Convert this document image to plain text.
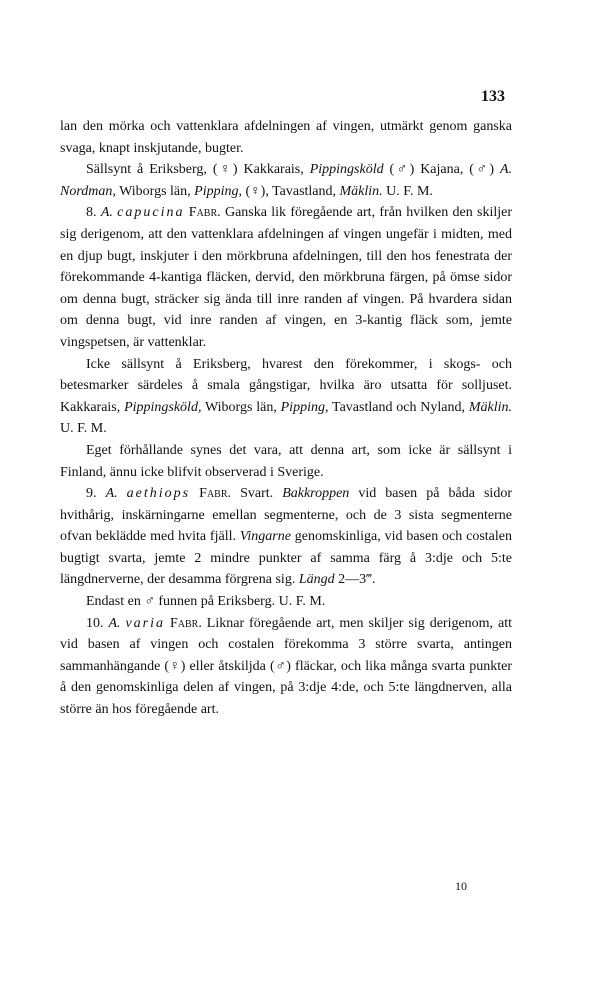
133

lan den mörka och vattenklara afdelningen af vingen, utmärkt genom ganska svaga, knapt inskjutande, bugter.

Sällsynt å Eriksberg, (♀) Kakkarais, Pippingsköld (♂) Kajana, (♂) A. Nordman, Wiborgs län, Pipping, (♀), Tavastland, Mäklin. U. F. M.

8. A. capucina Fabr. Ganska lik föregående art, från hvilken den skiljer sig derigenom, att den vattenklara afdelningen af vingen ungefär i midten, med en djup bugt, inskjuter i den mörkbruna afdelningen, till den hos fenestrata der förekommande 4-kantiga fläcken, dervid, den mörkbruna färgen, på ömse sidor om denna bugt, sträcker sig ända till inre randen af vingen. På hvardera sidan om denna bugt, vid inre randen af vingen, en 3-kantig fläck som, jemte vingspetsen, är vattenklar.

Icke sällsynt å Eriksberg, hvarest den förekommer, i skogs- och betesmarker särdeles å smala gångstigar, hvilka äro utsatta för solljuset. Kakkarais, Pippingsköld, Wiborgs län, Pipping, Tavastland och Nyland, Mäklin. U. F. M.

Eget förhållande synes det vara, att denna art, som icke är sällsynt i Finland, ännu icke blifvit observerad i Sverige.

9. A. aethiops Fabr. Svart. Bakkroppen vid basen på båda sidor hvithårig, inskärningarne emellan segmenterne, och de 3 sista segmenterne ofvan beklädde med hvita fjäll. Vingarne genomskinliga, vid basen och costalen bugtigt svarta, jemte 2 mindre punkter af samma färg å 3:dje och 5:te längdnerverne, der desamma förgrena sig. Längd 2—3‴.

Endast en ♂ funnen på Eriksberg. U. F. M.

10. A. varia Fabr. Liknar föregående art, men skiljer sig derigenom, att vid basen af vingen och costalen förekomma 3 större svarta, antingen sammanhängande (♀) eller åtskiljda (♂) fläckar, och lika många svarta punkter å den genomskinliga delen af vingen, på 3:dje 4:de, och 5:te längdnerven, alla större än hos föregående art.

10
